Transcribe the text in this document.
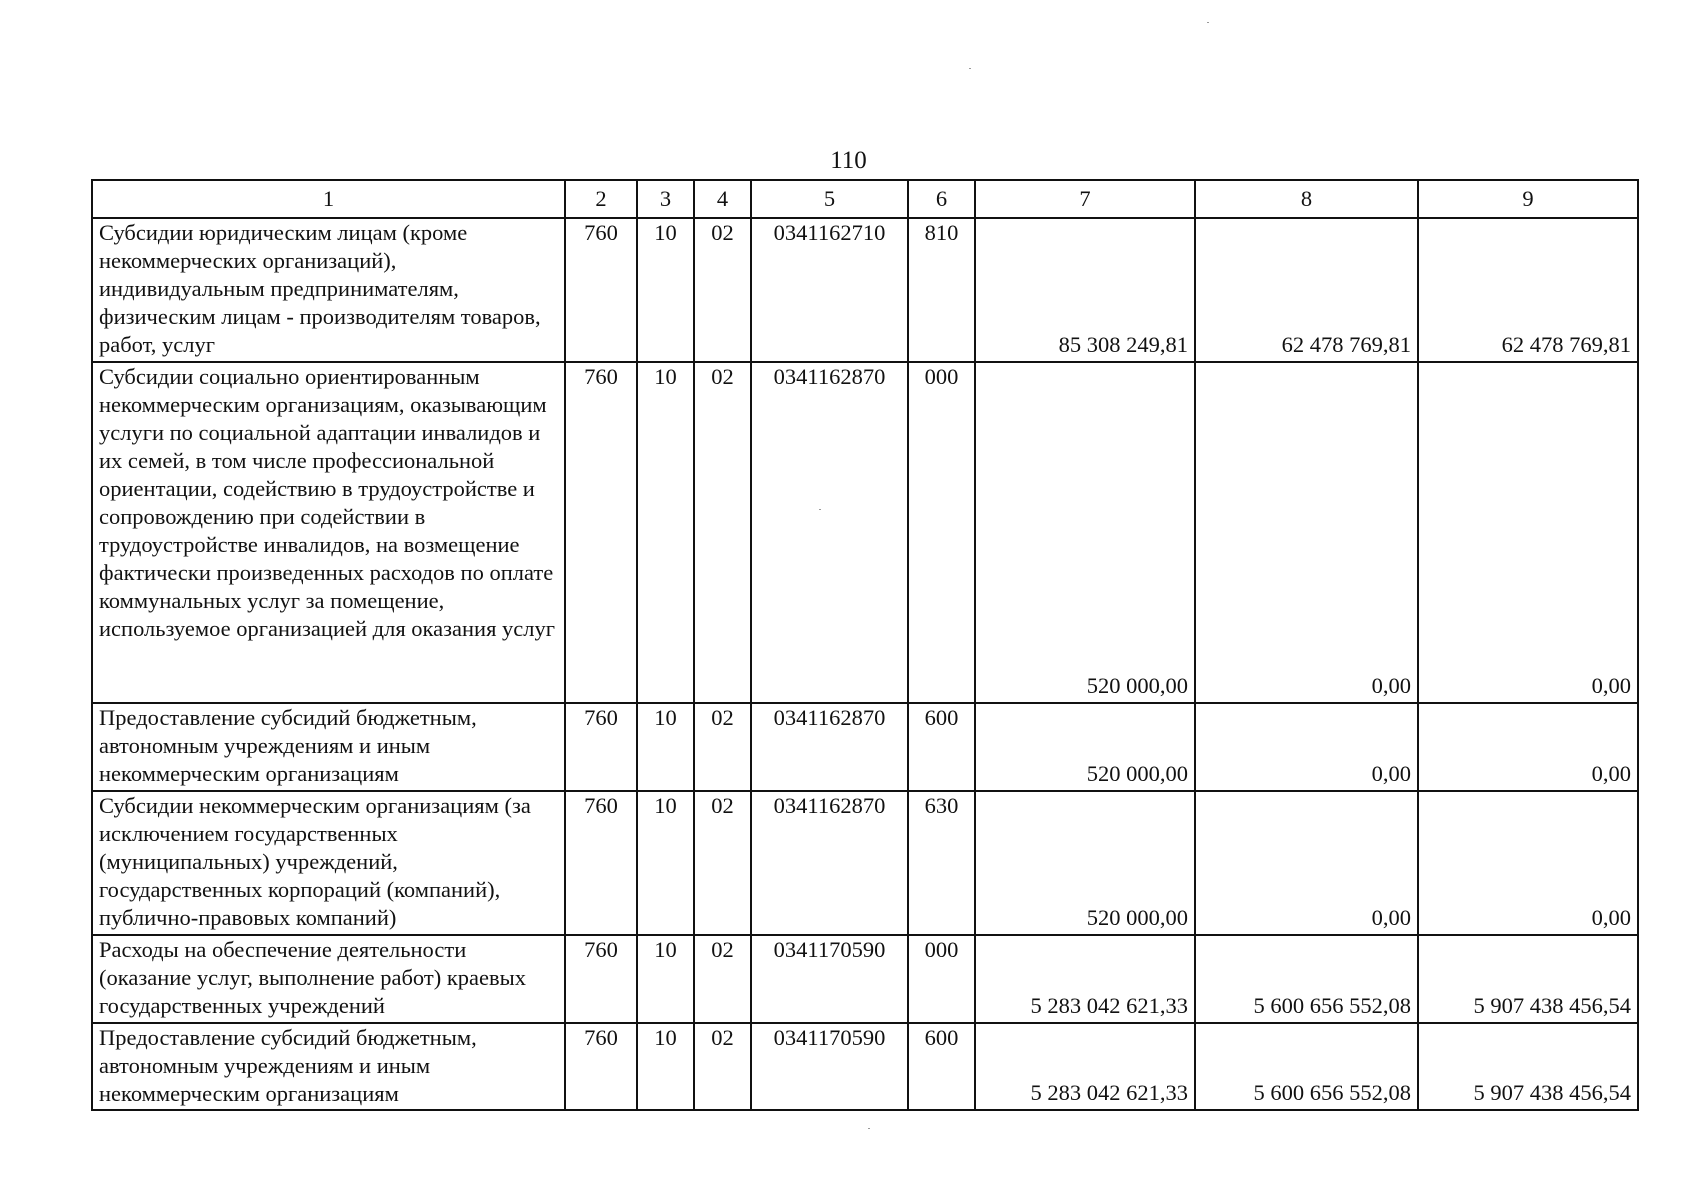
110
1	2	3	4	5	6	7	8	9
Субсидии юридическим лицам (кроме некоммерческих организаций), индивидуальным предпринимателям, физическим лицам - производителям товаров, работ, услуг	760	10	02	0341162710	810	85 308 249,81	62 478 769,81	62 478 769,81
Субсидии социально ориентированным некоммерческим организациям, оказывающим услуги по социальной адаптации инвалидов и их семей, в том числе профессиональной ориентации, содействию в трудоустройстве и сопровождению при содействии в трудоустройстве инвалидов, на возмещение фактически произведенных расходов по оплате коммунальных услуг за помещение, используемое организацией для оказания услуг	760	10	02	0341162870	000	520 000,00	0,00	0,00
Предоставление субсидий бюджетным, автономным учреждениям и иным некоммерческим организациям	760	10	02	0341162870	600	520 000,00	0,00	0,00
Субсидии некоммерческим организациям (за исключением государственных (муниципальных) учреждений, государственных корпораций (компаний), публично-правовых компаний)	760	10	02	0341162870	630	520 000,00	0,00	0,00
Расходы на обеспечение деятельности (оказание услуг, выполнение работ) краевых государственных учреждений	760	10	02	0341170590	000	5 283 042 621,33	5 600 656 552,08	5 907 438 456,54
Предоставление субсидий бюджетным, автономным учреждениям и иным некоммерческим организациям	760	10	02	0341170590	600	5 283 042 621,33	5 600 656 552,08	5 907 438 456,54
